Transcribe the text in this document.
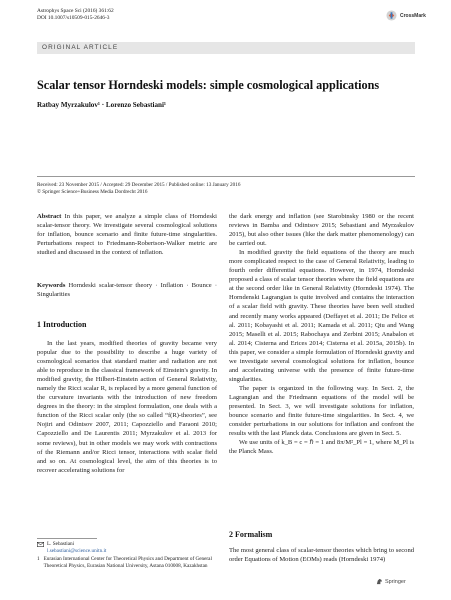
Astrophys Space Sci (2016) 361:62
DOI 10.1007/s10509-015-2646-3	CrossMark
ORIGINAL ARTICLE
Scalar tensor Horndeski models: simple cosmological applications
Ratbay Myrzakulov¹ · Lorenzo Sebastiani¹
Received: 23 November 2015 / Accepted: 29 December 2015 / Published online: 13 January 2016
© Springer Science+Business Media Dordrecht 2016

Abstract In this paper, we analyze a simple class of Horndeski scalar-tensor theory. We investigate several cosmological solutions for inflation, bounce scenario and finite future-time singularities. Perturbations respect to Friedmann-Robertson-Walker metric are studied and discussed in the context of inflation.

Keywords Horndeski scalar-tensor theory · Inflation · Bounce · Singularities

1 Introduction

In the last years, modified theories of gravity became very popular due to the possibility to describe a huge variety of cosmological scenarios that standard matter and radiation are not able to reproduce in the classical framework of Einstein's gravity. In modified gravity, the Hilbert-Einstein action of General Relativity, namely the Ricci scalar R, is replaced by a more general function of the curvature invariants with the introduction of new freedom degrees in the theory: in the simplest formulation, one deals with a function of the Ricci scalar only (the so called “f(R)-theories”, see Nojiri and Odintsov 2007, 2011; Capozziello and Faraoni 2010; Capozziello and De Laurentis 2011; Myrzakulov et al. 2013 for some reviews), but in other models we may work with contractions of the Riemann and/or Ricci tensor, interactions with scalar field and so on. At cosmological level, the aim of this theories is to recover accelerating solutions for

L. Sebastiani
l.sebastiani@science.unitn.it
1 Eurasian International Center for Theoretical Physics and Department of General Theoretical Physics, Eurasian National University, Astana 010008, Kazakhstan

the dark energy and inflation (see Starobinsky 1980 or the recent reviews in Bamba and Odintsov 2015; Sebastiani and Myrzakulov 2015), but also other issues (like the dark matter phenomenology) can be carried out.

In modified gravity the field equations of the theory are much more complicated respect to the case of General Relativity, leading to fourth order differential equations. However, in 1974, Horndeski proposed a class of scalar tensor theories where the field equations are at the second order like in General Relativity (Horndeski 1974). The Horndenski Lagrangian is quite involved and contains the interaction of a scalar field with gravity. These theories have been well studied and recently many works appeared (Deffayet et al. 2011; De Felice et al. 2011; Kobayashi et al. 2011; Kamada et al. 2011; Qiu and Wang 2015; Maselli et al. 2015; Rabochaya and Zerbini 2015; Anabalon et al. 2014; Cisterna and Erices 2014; Cisterna et al. 2015a, 2015b). In this paper, we consider a simple formulation of Horndeski gravity and we investigate several cosmological solutions for inflation, bounce and accelerating universe with the presence of finite future-time singularities.

The paper is organized in the following way. In Sect. 2, the Lagrangian and the Friedmann equations of the model will be presented. In Sect. 3, we will investigate solutions for inflation, bounce scenario and finite future-time singularities. In Sect. 4, we consider perturbations in our solutions for inflation and confront the results with the last Planck data. Conclusions are given in Sect. 5.

We use units of k_B = c = ℏ = 1 and 8π/M²_Pl = 1, where M_Pl is the Planck Mass.

2 Formalism

The most general class of scalar-tensor theories which bring to second order Equations of Motion (EOMs) reads (Horndeski 1974)

Springer
